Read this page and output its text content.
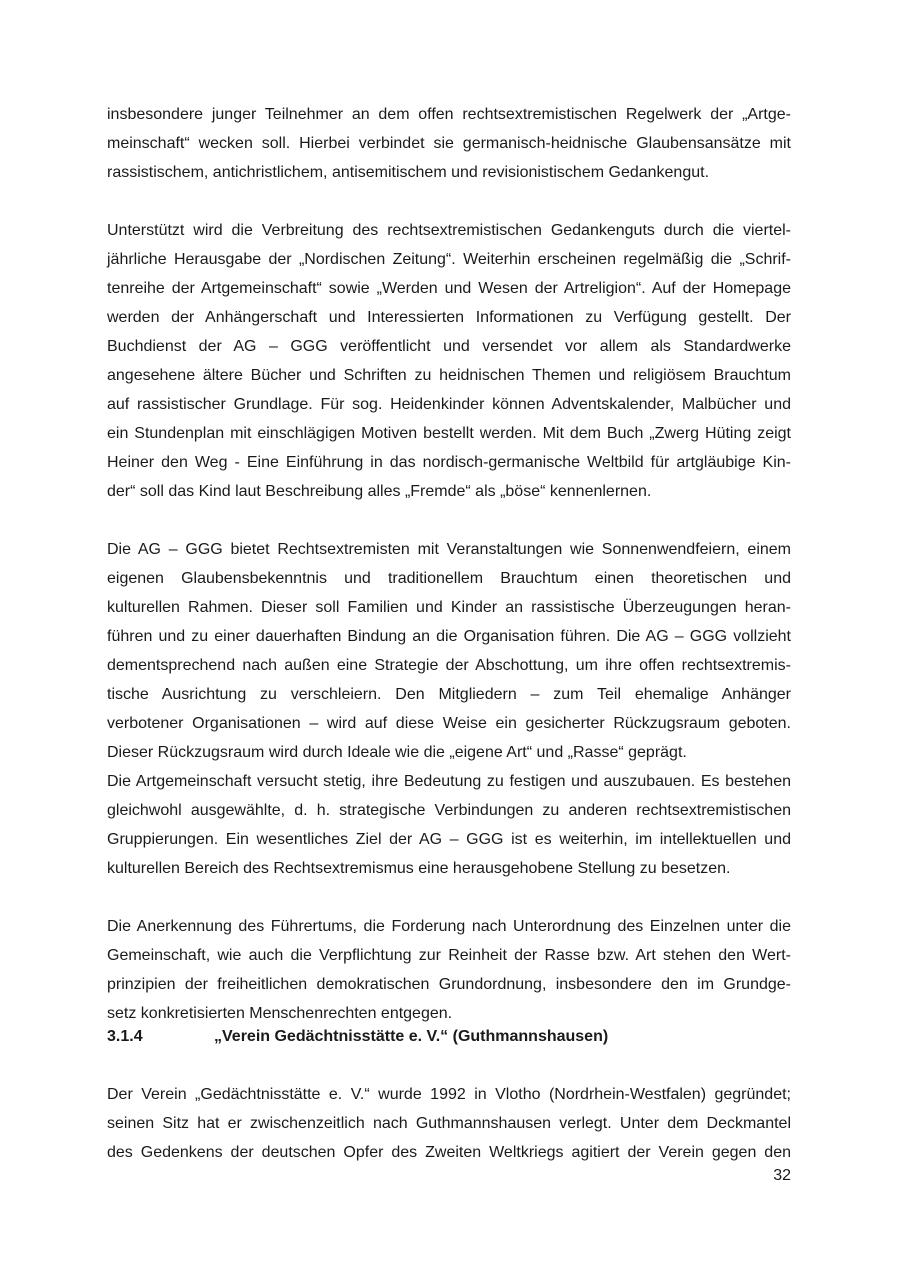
insbesondere junger Teilnehmer an dem offen rechtsextremistischen Regelwerk der „Artge-
meinschaft“ wecken soll. Hierbei verbindet sie germanisch-heidnische Glaubensansätze mit
rassistischem, antichristlichem, antisemitischem und revisionistischem Gedankengut.
Unterstützt wird die Verbreitung des rechtsextremistischen Gedankenguts durch die viertel-
jährliche Herausgabe der „Nordischen Zeitung“. Weiterhin erscheinen regelmäßig die „Schrif-
tenreihe der Artgemeinschaft“ sowie „Werden und Wesen der Artreligion“. Auf der Homepage
werden der Anhängerschaft und Interessierten Informationen zu Verfügung gestellt. Der
Buchdienst der AG – GGG veröffentlicht und versendet vor allem als Standardwerke
angesehene ältere Bücher und Schriften zu heidnischen Themen und religiösem Brauchtum
auf rassistischer Grundlage. Für sog. Heidenkinder können Adventskalender, Malbücher und
ein Stundenplan mit einschlägigen Motiven bestellt werden. Mit dem Buch „Zwerg Hüting zeigt
Heiner den Weg - Eine Einführung in das nordisch-germanische Weltbild für artgläubige Kin-
der“ soll das Kind laut Beschreibung alles „Fremde“ als „böse“ kennenlernen.
Die AG – GGG bietet Rechtsextremisten mit Veranstaltungen wie Sonnenwendfeiern, einem
eigenen Glaubensbekenntnis und traditionellem Brauchtum einen theoretischen und
kulturellen Rahmen. Dieser soll Familien und Kinder an rassistische Überzeugungen heran-
führen und zu einer dauerhaften Bindung an die Organisation führen. Die AG – GGG vollzieht
dementsprechend nach außen eine Strategie der Abschottung, um ihre offen rechtsextremis-
tische Ausrichtung zu verschleiern. Den Mitgliedern – zum Teil ehemalige Anhänger
verbotener Organisationen – wird auf diese Weise ein gesicherter Rückzugsraum geboten.
Dieser Rückzugsraum wird durch Ideale wie die „eigene Art“ und „Rasse“ geprägt.
Die Artgemeinschaft versucht stetig, ihre Bedeutung zu festigen und auszubauen. Es bestehen
gleichwohl ausgewählte, d. h. strategische Verbindungen zu anderen rechtsextremistischen
Gruppierungen. Ein wesentliches Ziel der AG – GGG ist es weiterhin, im intellektuellen und
kulturellen Bereich des Rechtsextremismus eine herausgehobene Stellung zu besetzen.
Die Anerkennung des Führertums, die Forderung nach Unterordnung des Einzelnen unter die
Gemeinschaft, wie auch die Verpflichtung zur Reinheit der Rasse bzw. Art stehen den Wert-
prinzipien der freiheitlichen demokratischen Grundordnung, insbesondere den im Grundge-
setz konkretisierten Menschenrechten entgegen.
3.1.4	„Verein Gedächtnisstätte e. V.“ (Guthmannshausen)
Der Verein „Gedächtnisstätte e. V.“ wurde 1992 in Vlotho (Nordrhein-Westfalen) gegründet;
seinen Sitz hat er zwischenzeitlich nach Guthmannshausen verlegt. Unter dem Deckmantel
des Gedenkens der deutschen Opfer des Zweiten Weltkriegs agitiert der Verein gegen den
32
